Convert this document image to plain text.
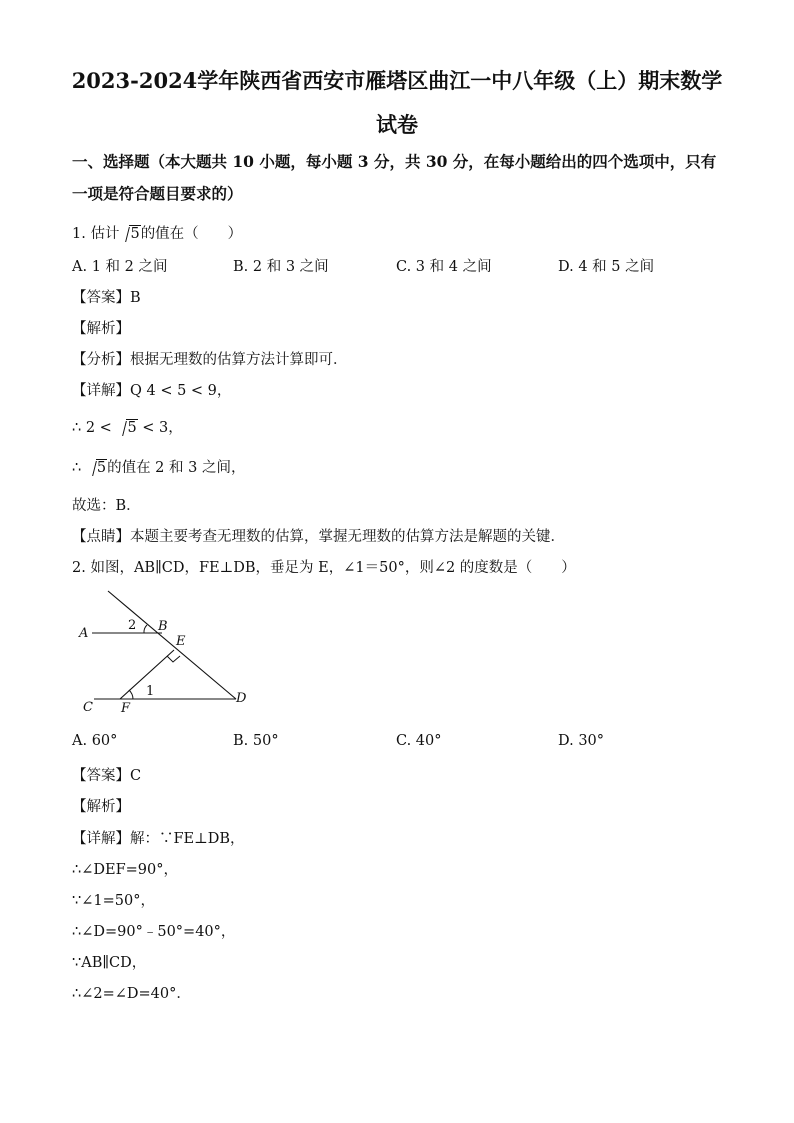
2023-2024学年陕西省西安市雁塔区曲江一中八年级（上）期末数学
试卷
一、选择题（本大题共 10 小题，每小题 3 分，共 30 分，在每小题给出的四个选项中，只有
一项是符合题目要求的）
1. 估计 5的值在（　　）
A. 1 和 2 之间	B. 2 和 3 之间	C. 3 和 4 之间	D. 4 和 5 之间
【答案】B
【解析】
【分析】根据无理数的估算方法计算即可．
【详解】Q 4 < 5 < 9，
∴ 2 < 5 < 3，
∴ 5的值在 2 和 3 之间，
故选：B．
【点睛】本题主要考查无理数的估算，掌握无理数的估算方法是解题的关键．
2. 如图，AB∥CD，FE⊥DB，垂足为 E，∠1＝50°，则∠2 的度数是（　　）
A	B
C
D
E
F
1
2
A. 60°	B. 50°	C. 40°	D. 30°
【答案】C
【解析】
【详解】解：∵FE⊥DB，
∴∠DEF=90°，
∵∠1=50°，
∴∠D=90°﹣50°=40°，
∵AB∥CD，
∴∠2=∠D=40°．
